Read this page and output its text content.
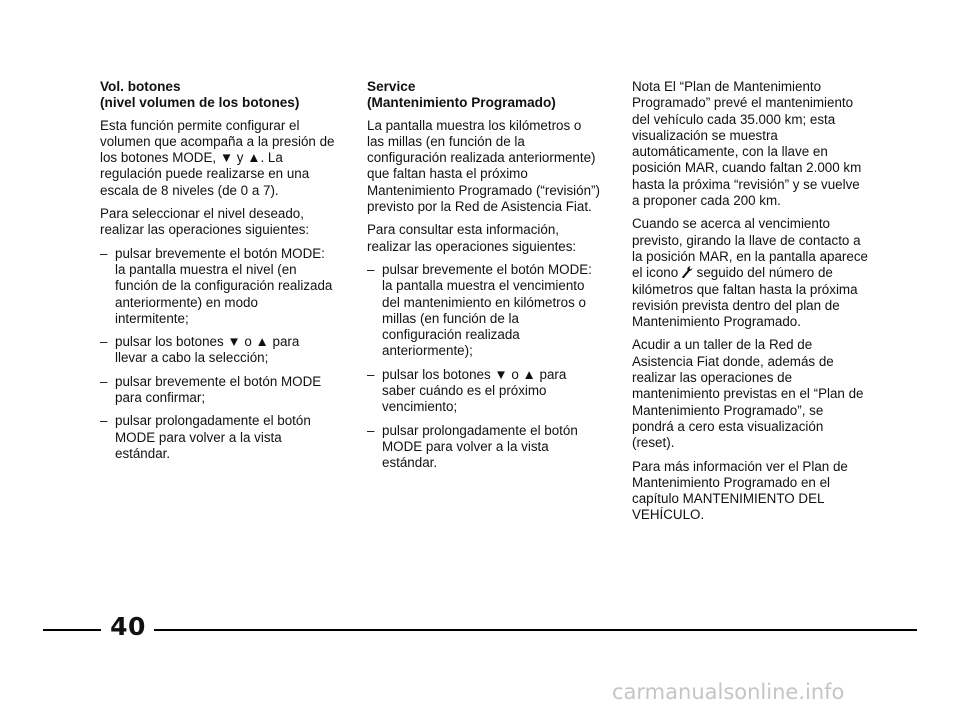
Vol. botones
(nivel volumen de los botones)

Esta función permite configurar el volumen que acompaña a la presión de los botones MODE, ▼ y ▲. La regulación puede realizarse en una escala de 8 niveles (de 0 a 7).

Para seleccionar el nivel deseado, realizar las operaciones siguientes:

– pulsar brevemente el botón MODE: la pantalla muestra el nivel (en función de la configuración realizada anteriormente) en modo intermitente;
– pulsar los botones ▼ o ▲ para llevar a cabo la selección;
– pulsar brevemente el botón MODE para confirmar;
– pulsar prolongadamente el botón MODE para volver a la vista estándar.
Service
(Mantenimiento Programado)

La pantalla muestra los kilómetros o las millas (en función de la configuración realizada anteriormente) que faltan hasta el próximo Mantenimiento Programado (“revisión”) previsto por la Red de Asistencia Fiat.

Para consultar esta información, realizar las operaciones siguientes:

– pulsar brevemente el botón MODE: la pantalla muestra el vencimiento del mantenimiento en kilómetros o millas (en función de la configuración realizada anteriormente);
– pulsar los botones ▼ o ▲ para saber cuándo es el próximo vencimiento;
– pulsar prolongadamente el botón MODE para volver a la vista estándar.

Nota El “Plan de Mantenimiento Programado” prevé el mantenimiento del vehículo cada 35.000 km; esta visualización se muestra automáticamente, con la llave en posición MAR, cuando faltan 2.000 km hasta la próxima “revisión” y se vuelve a proponer cada 200 km.

Cuando se acerca al vencimiento previsto, girando la llave de contacto a la posición MAR, en la pantalla aparece el icono seguido del número de kilómetros que faltan hasta la próxima revisión prevista dentro del plan de Mantenimiento Programado.

Acudir a un taller de la Red de Asistencia Fiat donde, además de realizar las operaciones de mantenimiento previstas en el “Plan de Mantenimiento Programado”, se pondrá a cero esta visualización (reset).

Para más información ver el Plan de Mantenimiento Programado en el capítulo MANTENIMIENTO DEL VEHÍCULO.

40
carmanualsonline.info
